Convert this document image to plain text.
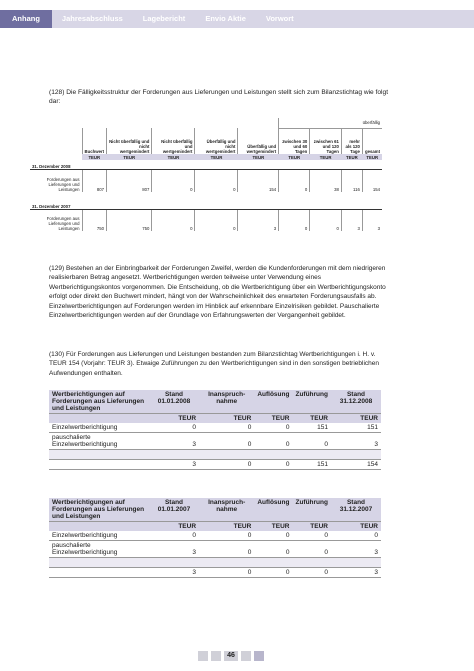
Anhang	Jahresabschluss	Lagebericht	Envio Aktie	Vorwort

(128) Die Fälligkeitsstruktur der Forderungen aus Lieferungen und Leistungen stellt sich zum Bilanzstichtag wie folgt dar:

						überfällig			
	Buchwert	Nicht überfällig und nicht wertgemindert	Nicht überfällig und wertgemindert	Überfällig und nicht wertgemindert	Überfällig und wertgemindert	zwischen 30 und 60 Tagen	zwischen 61 und 120 Tagen	mehr als 120 Tage	gesamt
	TEUR	TEUR	TEUR	TEUR	TEUR	TEUR	TEUR	TEUR	TEUR
31. Dezember 2008									
Forderungen aus Lieferungen und Leistungen	807	807	0	0	154	0	38	116	154
31. Dezember 2007									
Forderungen aus Lieferungen und Leistungen	750	750	0	0	3	0	0	3	3

(129) Bestehen an der Einbringbarkeit der Forderungen Zweifel, werden die Kundenforderungen mit dem niedrigeren realisierbaren Betrag angesetzt. Wertberichtigungen werden teilweise unter Verwendung eines Wertberichtigungskontos vorgenommen. Die Entscheidung, ob die Wertberichtigung über ein Wertberichtigungskonto erfolgt oder direkt den Buchwert mindert, hängt von der Wahrscheinlichkeit des erwarteten Forderungsausfalls ab. Einzelwertberichtigungen auf Forderungen werden im Hinblick auf erkennbare Einzelrisiken gebildet. Pauschalierte Einzelwertberichtigungen werden auf der Grundlage von Erfahrungswerten der Vergangenheit gebildet.

(130) Für Forderungen aus Lieferungen und Leistungen bestanden zum Bilanzstichtag Wertberichtigungen i. H. v. TEUR 154 (Vorjahr: TEUR 3). Etwaige Zuführungen zu den Wertberichtigungen sind in den sonstigen betrieblichen Aufwendungen enthalten.

Wertberichtigungen auf Forderungen aus Lieferungen und Leistungen	Stand 01.01.2008	Inanspruch-nahme	Auflösung	Zuführung	Stand 31.12.2008
	TEUR	TEUR	TEUR	TEUR	TEUR
Einzelwertberichtigung	0	0	0	151	151
pauschalierte Einzelwertberichtigung	3	0	0	0	3

	3	0	0	151	154
Wertberichtigungen auf Forderungen aus Lieferungen und Leistungen	Stand 01.01.2007	Inanspruch-nahme	Auflösung	Zuführung	Stand 31.12.2007
	TEUR	TEUR	TEUR	TEUR	TEUR
Einzelwertberichtigung	0	0	0	0	0
pauschalierte Einzelwertberichtigung	3	0	0	0	3

	3	0	0	0	3
46
